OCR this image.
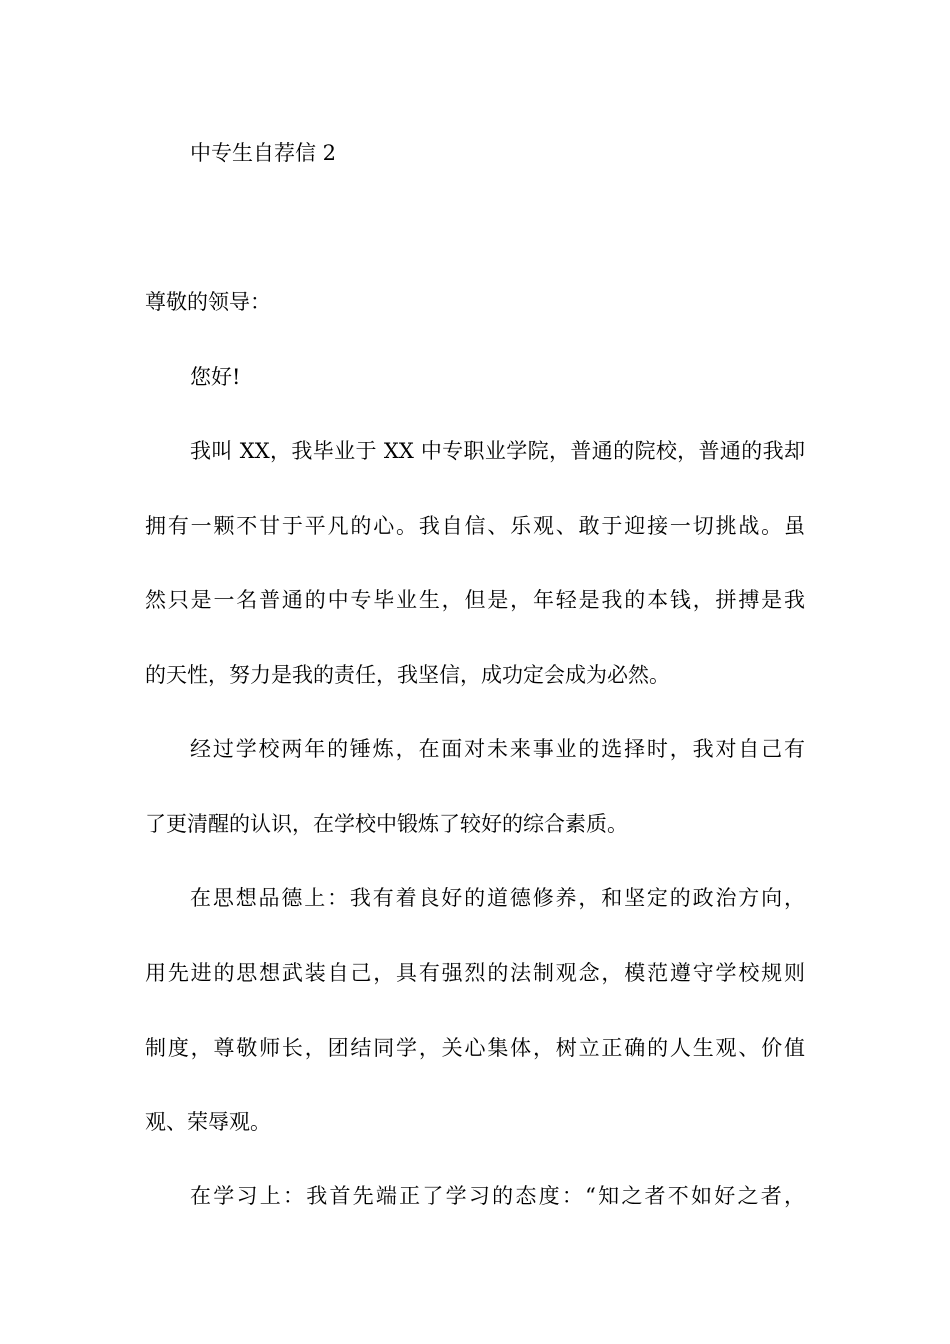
中专生自荐信 2
尊敬的领导：
您好!
我叫 XX，我毕业于 XX 中专职业学院，普通的院校，普通的我却
拥有一颗不甘于平凡的心。我自信、乐观、敢于迎接一切挑战。虽
然只是一名普通的中专毕业生，但是，年轻是我的本钱，拼搏是我
的天性，努力是我的责任，我坚信，成功定会成为必然。
经过学校两年的锤炼，在面对未来事业的选择时，我对自己有
了更清醒的认识，在学校中锻炼了较好的综合素质。
在思想品德上：我有着良好的道德修养，和坚定的政治方向，
用先进的思想武装自己，具有强烈的法制观念，模范遵守学校规则
制度，尊敬师长，团结同学，关心集体，树立正确的人生观、价值
观、荣辱观。
在学习上：我首先端正了学习的态度：“知之者不如好之者，
